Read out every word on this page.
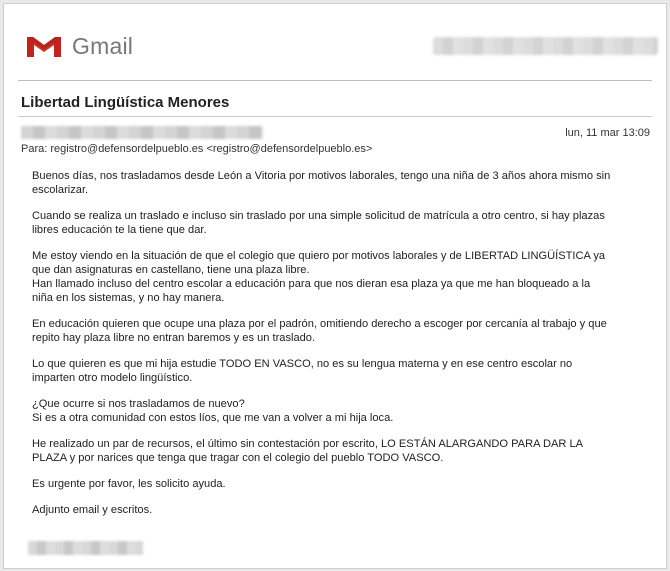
Gmail
Libertad Lingüística Menores
lun, 11 mar 13:09
Para: registro@defensordelpueblo.es <registro@defensordelpueblo.es>
Buenos días, nos trasladamos desde León a Vitoria por motivos laborales, tengo una niña de 3 años ahora mismo sin
escolarizar.
Cuando se realiza un traslado e incluso sin traslado por una simple solicitud de matrícula a otro centro, si hay plazas
libres educación te la tiene que dar.
Me estoy viendo en la situación de que el colegio que quiero por motivos laborales y de LIBERTAD LINGÜÍSTICA ya
que dan asignaturas en castellano, tiene una plaza libre.
Han llamado incluso del centro escolar a educación para que nos dieran esa plaza ya que me han bloqueado a la
niña en los sistemas, y no hay manera.
En educación quieren que ocupe una plaza por el padrón, omitiendo derecho a escoger por cercanía al trabajo y que
repito hay plaza libre no entran baremos y es un traslado.
Lo que quieren es que mi hija estudie TODO EN VASCO, no es su lengua materna y en ese centro escolar no
imparten otro modelo lingüístico.
¿Que ocurre si nos trasladamos de nuevo?
Si es a otra comunidad con estos líos, que me van a volver a mi hija loca.
He realizado un par de recursos, el último sin contestación por escrito, LO ESTÁN ALARGANDO PARA DAR LA
PLAZA y por narices que tenga que tragar con el colegio del pueblo TODO VASCO.
Es urgente por favor, les solicito ayuda.
Adjunto email y escritos.
